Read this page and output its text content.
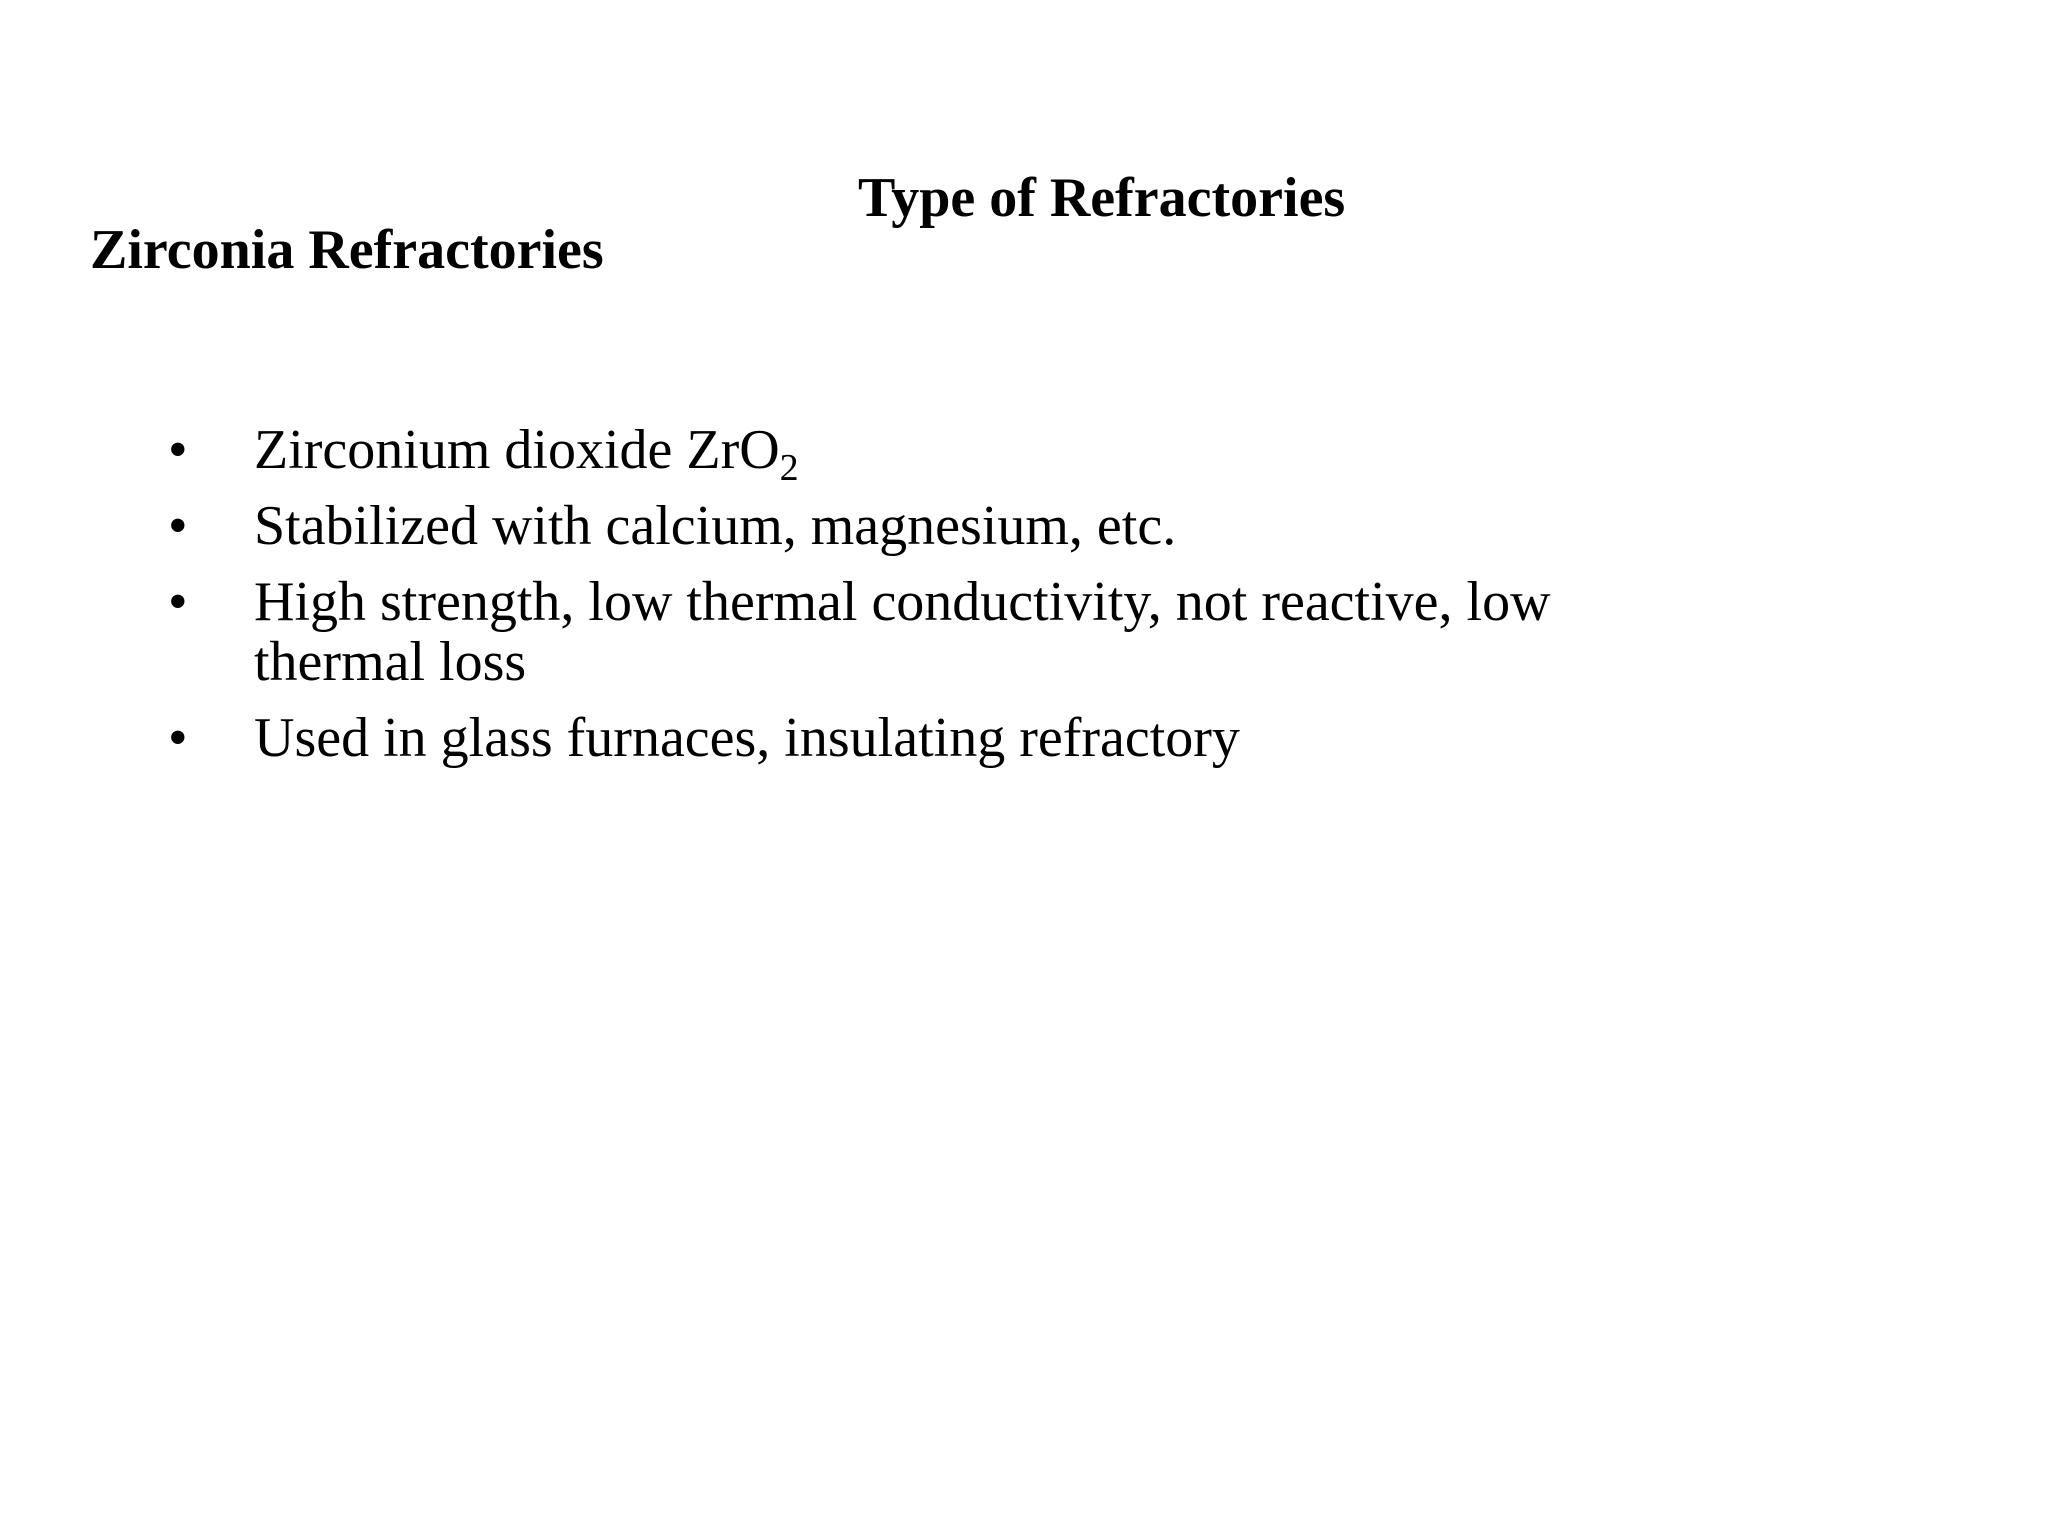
Type of Refractories
Zirconia Refractories
•	Zirconium dioxide ZrO$_2$
•	Stabilized with calcium, magnesium, etc.
•	High strength, low thermal conductivity, not reactive, low thermal loss
•	Used in glass furnaces, insulating refractory
